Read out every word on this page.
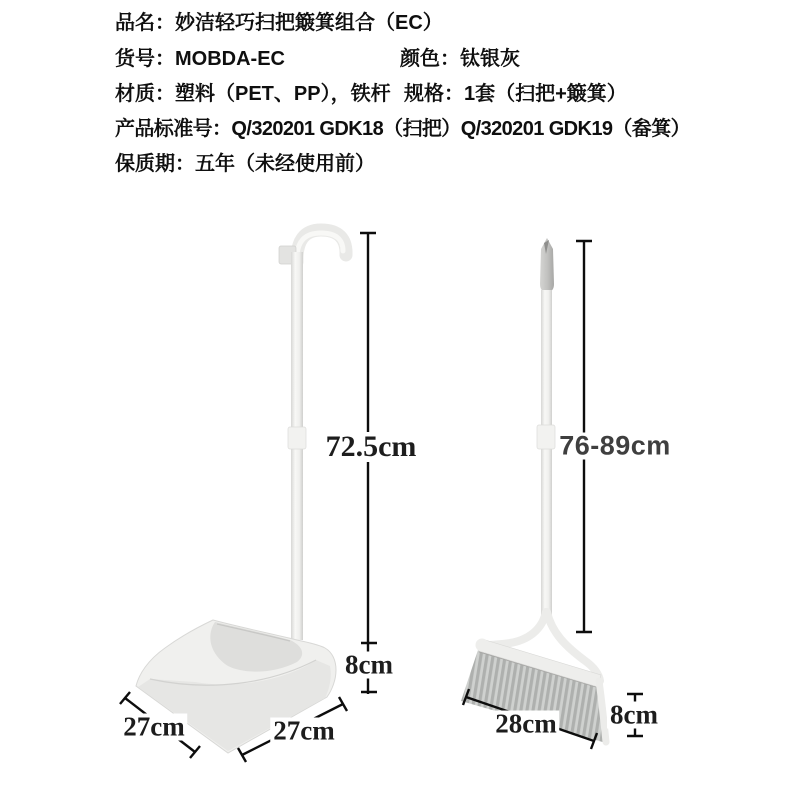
品名：妙洁轻巧扫把簸箕组合（EC）
货号：MOBDA-EC	颜色：钛银灰
材质：塑料（PET、PP），铁杆 规格：1套（扫把+簸箕）
产品标准号：Q/320201 GDK18（扫把）Q/320201 GDK19（畚箕）
保质期：五年（未经使用前）
72.5cm
8cm
27cm	27cm
76-89cm
28cm 8cm
